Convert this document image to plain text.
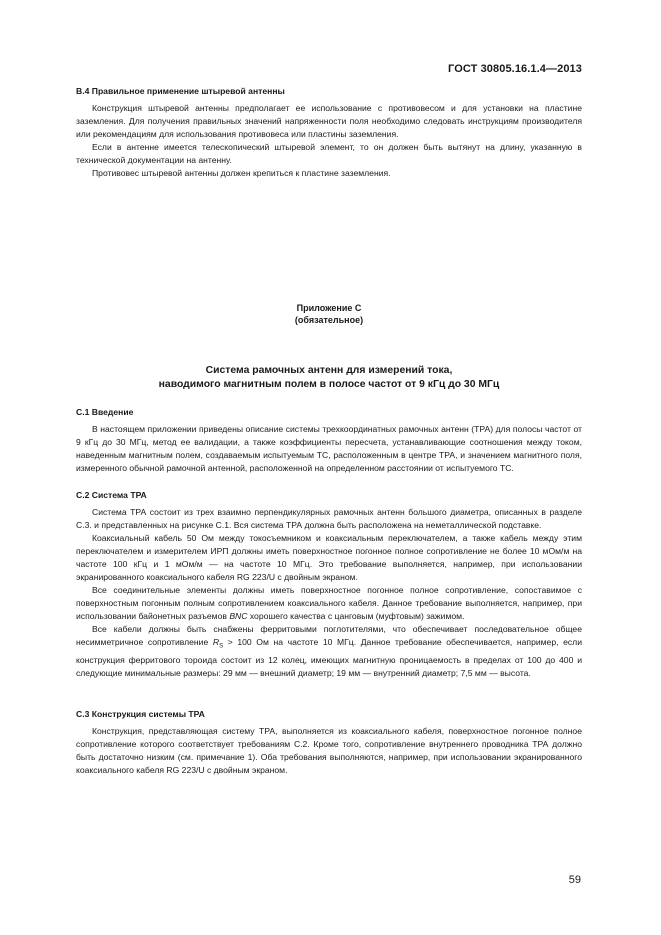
ГОСТ 30805.16.1.4—2013

В.4 Правильное применение штыревой антенны

Конструкция штыревой антенны предполагает ее использование с противовесом и для установки на пластине заземления. Для получения правильных значений напряженности поля необходимо следовать инструкциям производителя или рекомендациям для использования противовеса или пластины заземления.

Если в антенне имеется телескопический штыревой элемент, то он должен быть вытянут на длину, указанную в технической документации на антенну.

Противовес штыревой антенны должен крепиться к пластине заземления.

Приложение С
(обязательное)
Система рамочных антенн для измерений тока,
наводимого магнитным полем в полосе частот от 9 кГц до 30 МГц

С.1 Введение

В настоящем приложении приведены описание системы трехкоординатных рамочных антенн (ТРА) для полосы частот от 9 кГц до 30 МГц, метод ее валидации, а также коэффициенты пересчета, устанавливающие соотношения между током, наведенным магнитным полем, создаваемым испытуемым ТС, расположенным в центре ТРА, и значением магнитного поля, измеренного обычной рамочной антенной, расположенной на определенном расстоянии от испытуемого ТС.

С.2 Система ТРА

Система ТРА состоит из трех взаимно перпендикулярных рамочных антенн большого диаметра, описанных в разделе С.3. и представленных на рисунке С.1. Вся система ТРА должна быть расположена на неметаллической подставке.

Коаксиальный кабель 50 Ом между токосъемником и коаксиальным переключателем, а также кабель между этим переключателем и измерителем ИРП должны иметь поверхностное погонное полное сопротивление не более 10 мОм/м на частоте 100 кГц и 1 мОм/м — на частоте 10 МГц. Это требование выполняется, например, при использовании экранированного коаксиального кабеля RG 223/U с двойным экраном.

Все соединительные элементы должны иметь поверхностное погонное полное сопротивление, сопоставимое с поверхностным погонным полным сопротивлением коаксиального кабеля. Данное требование выполняется, например, при использовании байонетных разъемов BNC хорошего качества с цанговым (муфтовым) зажимом.

Все кабели должны быть снабжены ферритовыми поглотителями, что обеспечивает последовательное общее несимметричное сопротивление $R_S > 100$ Ом на частоте 10 МГц. Данное требование обеспечивается, например, если конструкция ферритового тороида состоит из 12 колец, имеющих магнитную проницаемость в пределах от 100 до 400 и следующие минимальные размеры: 29 мм — внешний диаметр; 19 мм — внутренний диаметр; 7,5 мм — высота.

С.3 Конструкция системы ТРА

Конструкция, представляющая систему ТРА, выполняется из коаксиального кабеля, поверхностное погонное полное сопротивление которого соответствует требованиям С.2. Кроме того, сопротивление внутреннего проводника ТРА должно быть достаточно низким (см. примечание 1). Оба требования выполняются, например, при использовании экранированного коаксиального кабеля RG 223/U с двойным экраном.

59
